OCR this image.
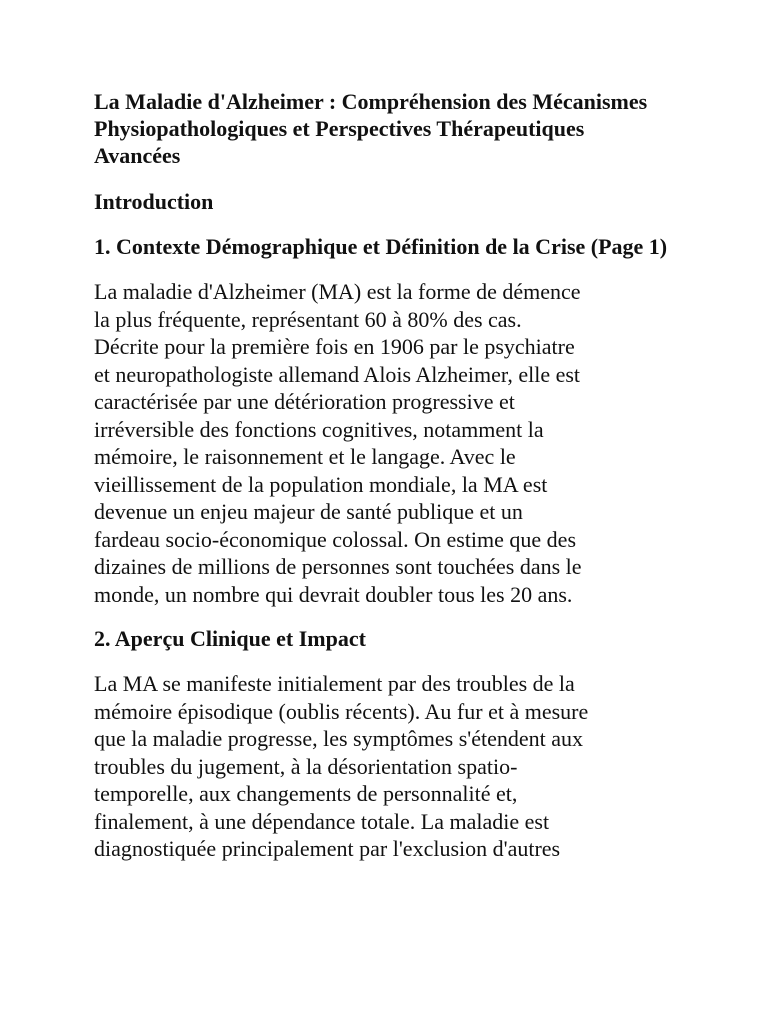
La Maladie d'Alzheimer : Compréhension des Mécanismes Physiopathologiques et Perspectives Thérapeutiques Avancées
Introduction
1. Contexte Démographique et Définition de la Crise (Page 1)

La maladie d'Alzheimer (MA) est la forme de démence
la plus fréquente, représentant 60 à 80% des cas.
Décrite pour la première fois en 1906 par le psychiatre
et neuropathologiste allemand Alois Alzheimer, elle est
caractérisée par une détérioration progressive et
irréversible des fonctions cognitives, notamment la
mémoire, le raisonnement et le langage. Avec le
vieillissement de la population mondiale, la MA est
devenue un enjeu majeur de santé publique et un
fardeau socio-économique colossal. On estime que des
dizaines de millions de personnes sont touchées dans le
monde, un nombre qui devrait doubler tous les 20 ans.

2. Aperçu Clinique et Impact

La MA se manifeste initialement par des troubles de la
mémoire épisodique (oublis récents). Au fur et à mesure
que la maladie progresse, les symptômes s'étendent aux
troubles du jugement, à la désorientation spatio-
temporelle, aux changements de personnalité et,
finalement, à une dépendance totale. La maladie est
diagnostiquée principalement par l'exclusion d'autres
